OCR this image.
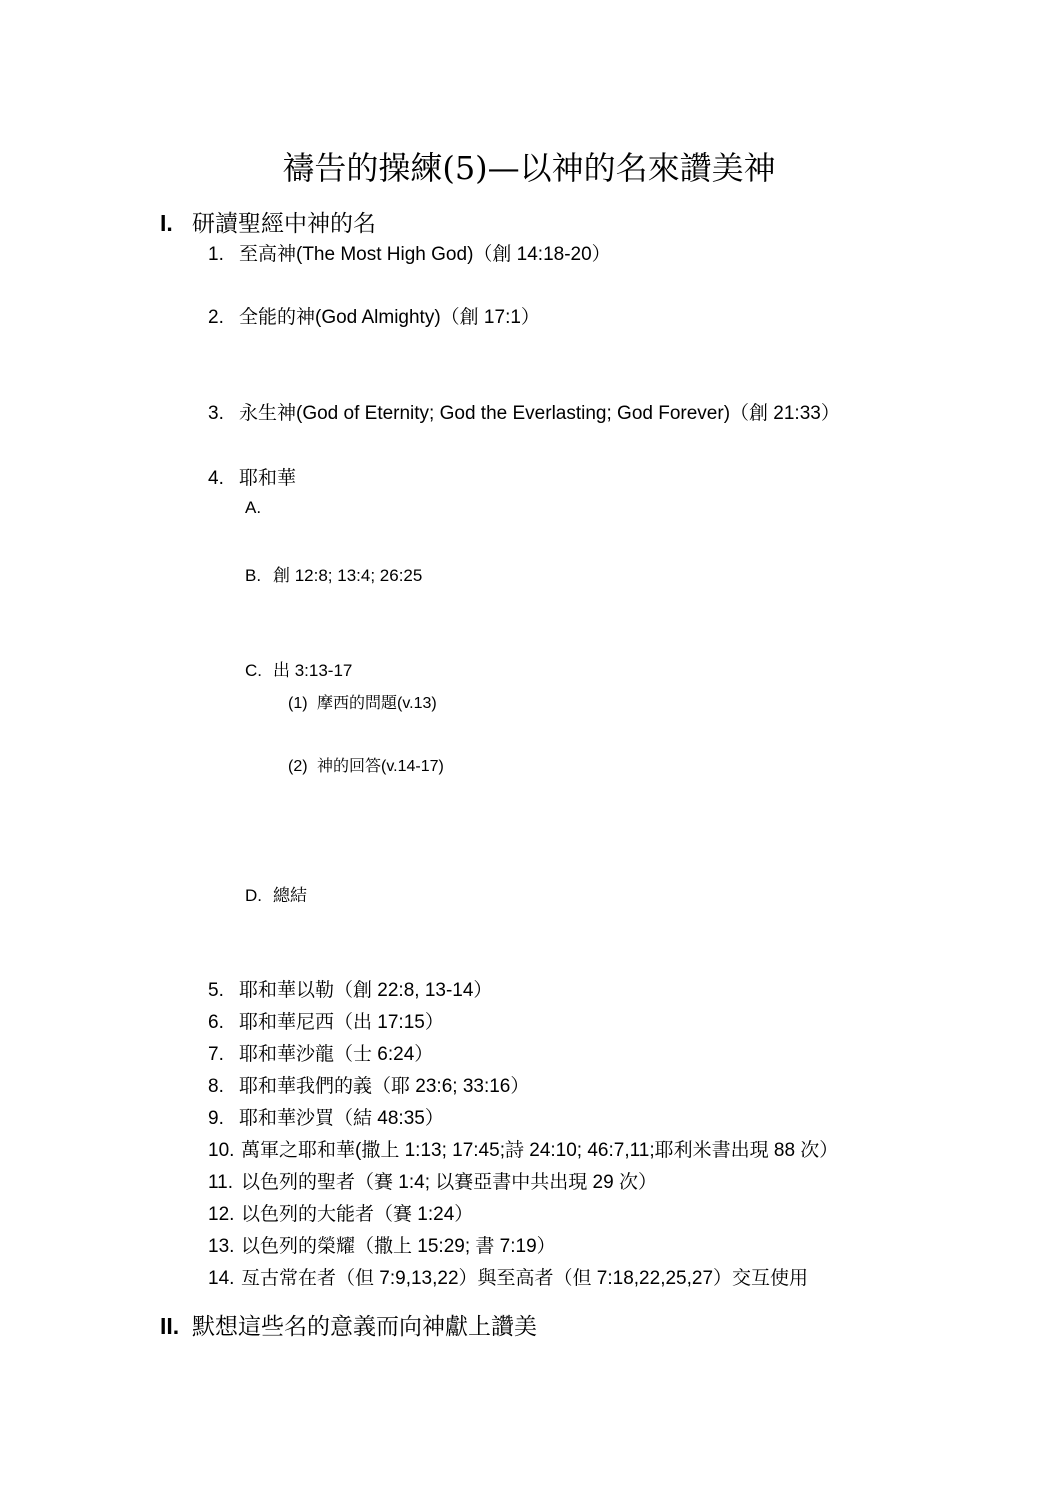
禱告的操練(5)—以神的名來讚美神
I. 研讀聖經中神的名
1. 至高神(The Most High God)（創 14:18-20）
2. 全能的神(God Almighty)（創 17:1）
3. 永生神(God of Eternity; God the Everlasting; God Forever)（創 21:33）
4. 耶和華
A.
B. 創 12:8; 13:4; 26:25
C. 出 3:13-17
(1) 摩西的問題(v.13)
(2) 神的回答(v.14-17)
D. 總結
5. 耶和華以勒（創 22:8, 13-14）
6. 耶和華尼西（出 17:15）
7. 耶和華沙龍（士 6:24）
8. 耶和華我們的義（耶 23:6; 33:16）
9. 耶和華沙買（結 48:35）
10. 萬軍之耶和華(撒上 1:13; 17:45;詩 24:10; 46:7,11;耶利米書出現 88 次）
11. 以色列的聖者（賽 1:4; 以賽亞書中共出現 29 次）
12. 以色列的大能者（賽 1:24）
13. 以色列的榮耀（撒上 15:29; 書 7:19）
14. 亙古常在者（但 7:9,13,22）與至高者（但 7:18,22,25,27）交互使用
II. 默想這些名的意義而向神獻上讚美
